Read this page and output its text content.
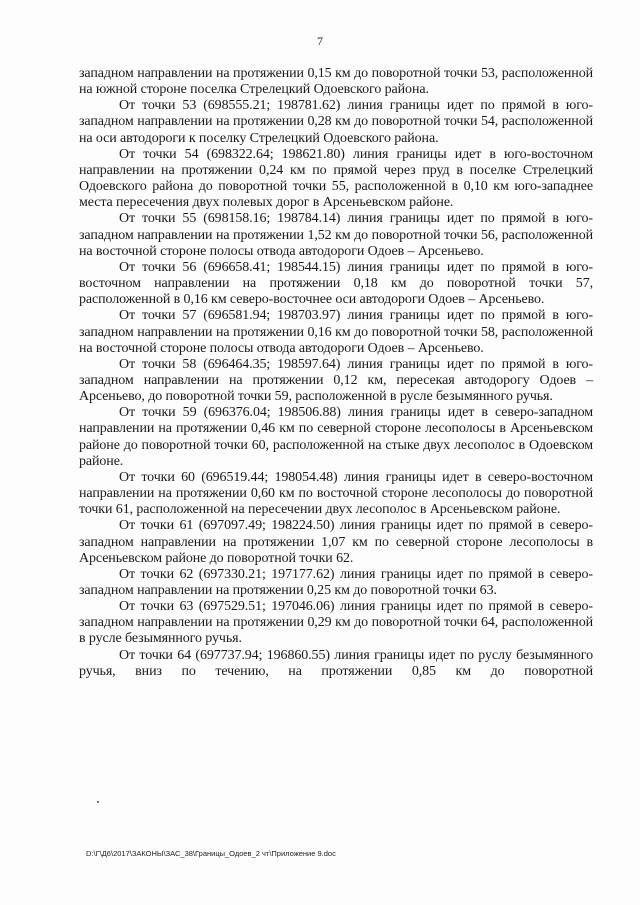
7

западном направлении на протяжении 0,15 км до поворотной точки 53, расположенной на южной стороне поселка Стрелецкий Одоевского района.

От точки 53 (698555.21; 198781.62) линия границы идет по прямой в юго-западном направлении на протяжении 0,28 км до поворотной точки 54, расположенной на оси автодороги к поселку Стрелецкий Одоевского района.

От точки 54 (698322.64; 198621.80) линия границы идет в юго-восточном направлении на протяжении 0,24 км по прямой через пруд в поселке Стрелецкий Одоевского района до поворотной точки 55, расположенной в 0,10 км юго-западнее места пересечения двух полевых дорог в Арсеньевском районе.

От точки 55 (698158.16; 198784.14) линия границы идет по прямой в юго-западном направлении на протяжении 1,52 км до поворотной точки 56, расположенной на восточной стороне полосы отвода автодороги Одоев – Арсеньево.

От точки 56 (696658.41; 198544.15) линия границы идет по прямой в юго-восточном направлении на протяжении 0,18 км до поворотной точки 57, расположенной в 0,16 км северо-восточнее оси автодороги Одоев – Арсеньево.

От точки 57 (696581.94; 198703.97) линия границы идет по прямой в юго-западном направлении на протяжении 0,16 км до поворотной точки 58, расположенной на восточной стороне полосы отвода автодороги Одоев – Арсеньево.

От точки 58 (696464.35; 198597.64) линия границы идет по прямой в юго-западном направлении на протяжении 0,12 км, пересекая автодорогу Одоев – Арсеньево, до поворотной точки 59, расположенной в русле безымянного ручья.

От точки 59 (696376.04; 198506.88) линия границы идет в северо-западном направлении на протяжении 0,46 км по северной стороне лесополосы в Арсеньевском районе до поворотной точки 60, расположенной на стыке двух лесополос в Одоевском районе.

От точки 60 (696519.44; 198054.48) линия границы идет в северо-восточном направлении на протяжении 0,60 км по восточной стороне лесополосы до поворотной точки 61, расположенной на пересечении двух лесополос в Арсеньевском районе.

От точки 61 (697097.49; 198224.50) линия границы идет по прямой в северо-западном направлении на протяжении 1,07 км по северной стороне лесополосы в Арсеньевском районе до поворотной точки 62.

От точки 62 (697330.21; 197177.62) линия границы идет по прямой в северо-западном направлении на протяжении 0,25 км до поворотной точки 63.

От точки 63 (697529.51; 197046.06) линия границы идет по прямой в северо-западном направлении на протяжении 0,29 км до поворотной точки 64, расположенной в русле безымянного ручья.

От точки 64 (697737.94; 196860.55) линия границы идет по руслу безымянного ручья, вниз по течению, на протяжении 0,85 км до поворотной

D:\Г\Д6\2017\ЗАКОНЫ\ЗАС_38\Границы_Одоев_2 чт\Приложение 9.doc
